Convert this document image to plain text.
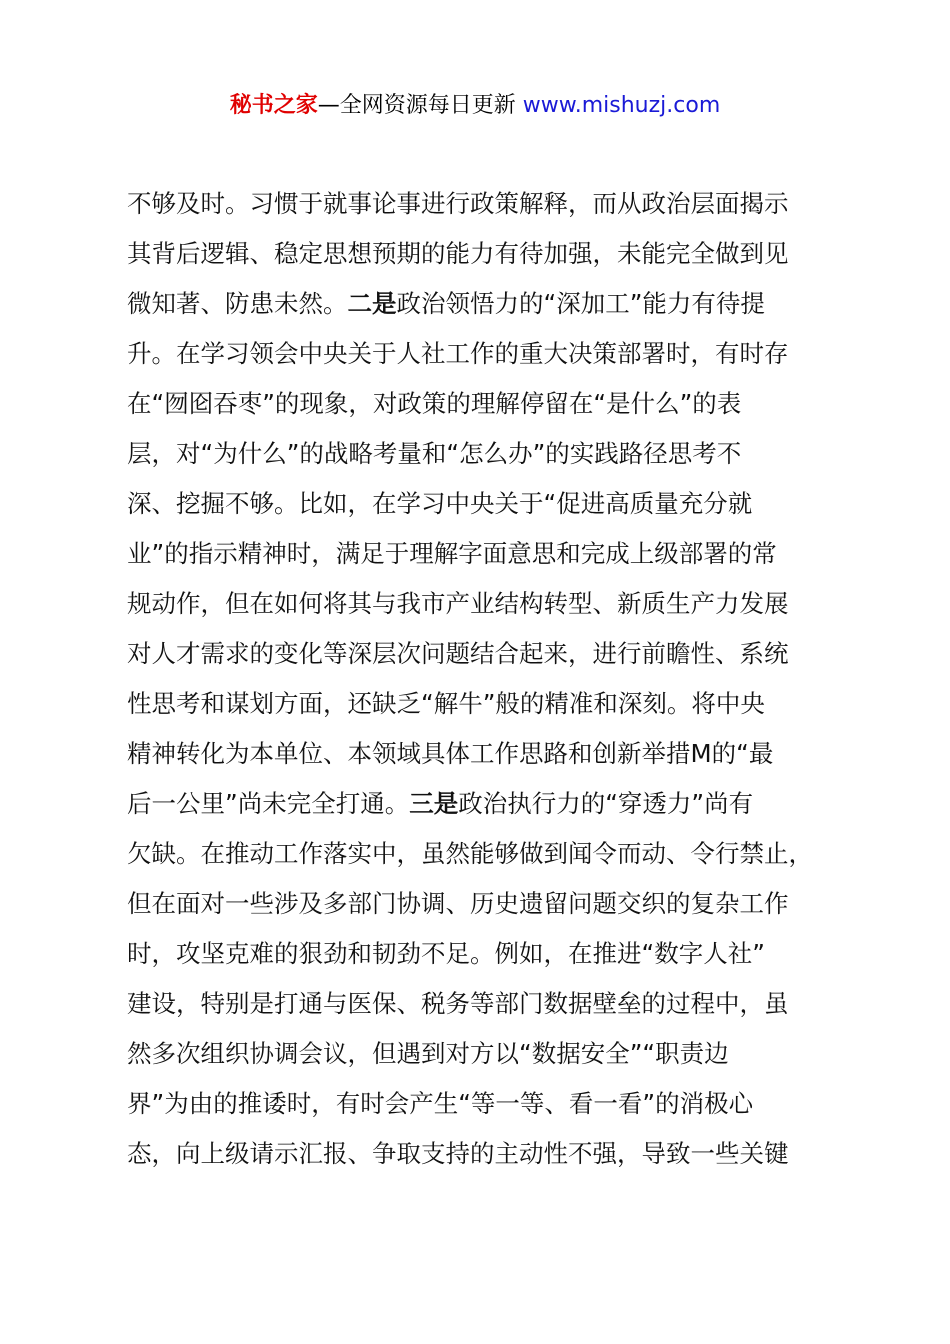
秘书之家—全网资源每日更新 www.mishuzj.com
不够及时。习惯于就事论事进行政策解释，而从政治层面揭示
其背后逻辑、稳定思想预期的能力有待加强，未能完全做到见
微知著、防患未然。二是政治领悟力的“深加工”能力有待提
升。在学习领会中央关于人社工作的重大决策部署时，有时存
在“囫囵吞枣”的现象，对政策的理解停留在“是什么”的表
层，对“为什么”的战略考量和“怎么办”的实践路径思考不
深、挖掘不够。比如，在学习中央关于“促进高质量充分就
业”的指示精神时，满足于理解字面意思和完成上级部署的常
规动作，但在如何将其与我市产业结构转型、新质生产力发展
对人才需求的变化等深层次问题结合起来，进行前瞻性、系统
性思考和谋划方面，还缺乏“解牛”般的精准和深刻。将中央
精神转化为本单位、本领域具体工作思路和创新举措M的“最
后一公里”尚未完全打通。三是政治执行力的“穿透力”尚有
欠缺。在推动工作落实中，虽然能够做到闻令而动、令行禁止，
但在面对一些涉及多部门协调、历史遗留问题交织的复杂工作
时，攻坚克难的狠劲和韧劲不足。例如，在推进“数字人社”
建设，特别是打通与医保、税务等部门数据壁垒的过程中，虽
然多次组织协调会议，但遇到对方以“数据安全”“职责边
界”为由的推诿时，有时会产生“等一等、看一看”的消极心
态，向上级请示汇报、争取支持的主动性不强，导致一些关键
